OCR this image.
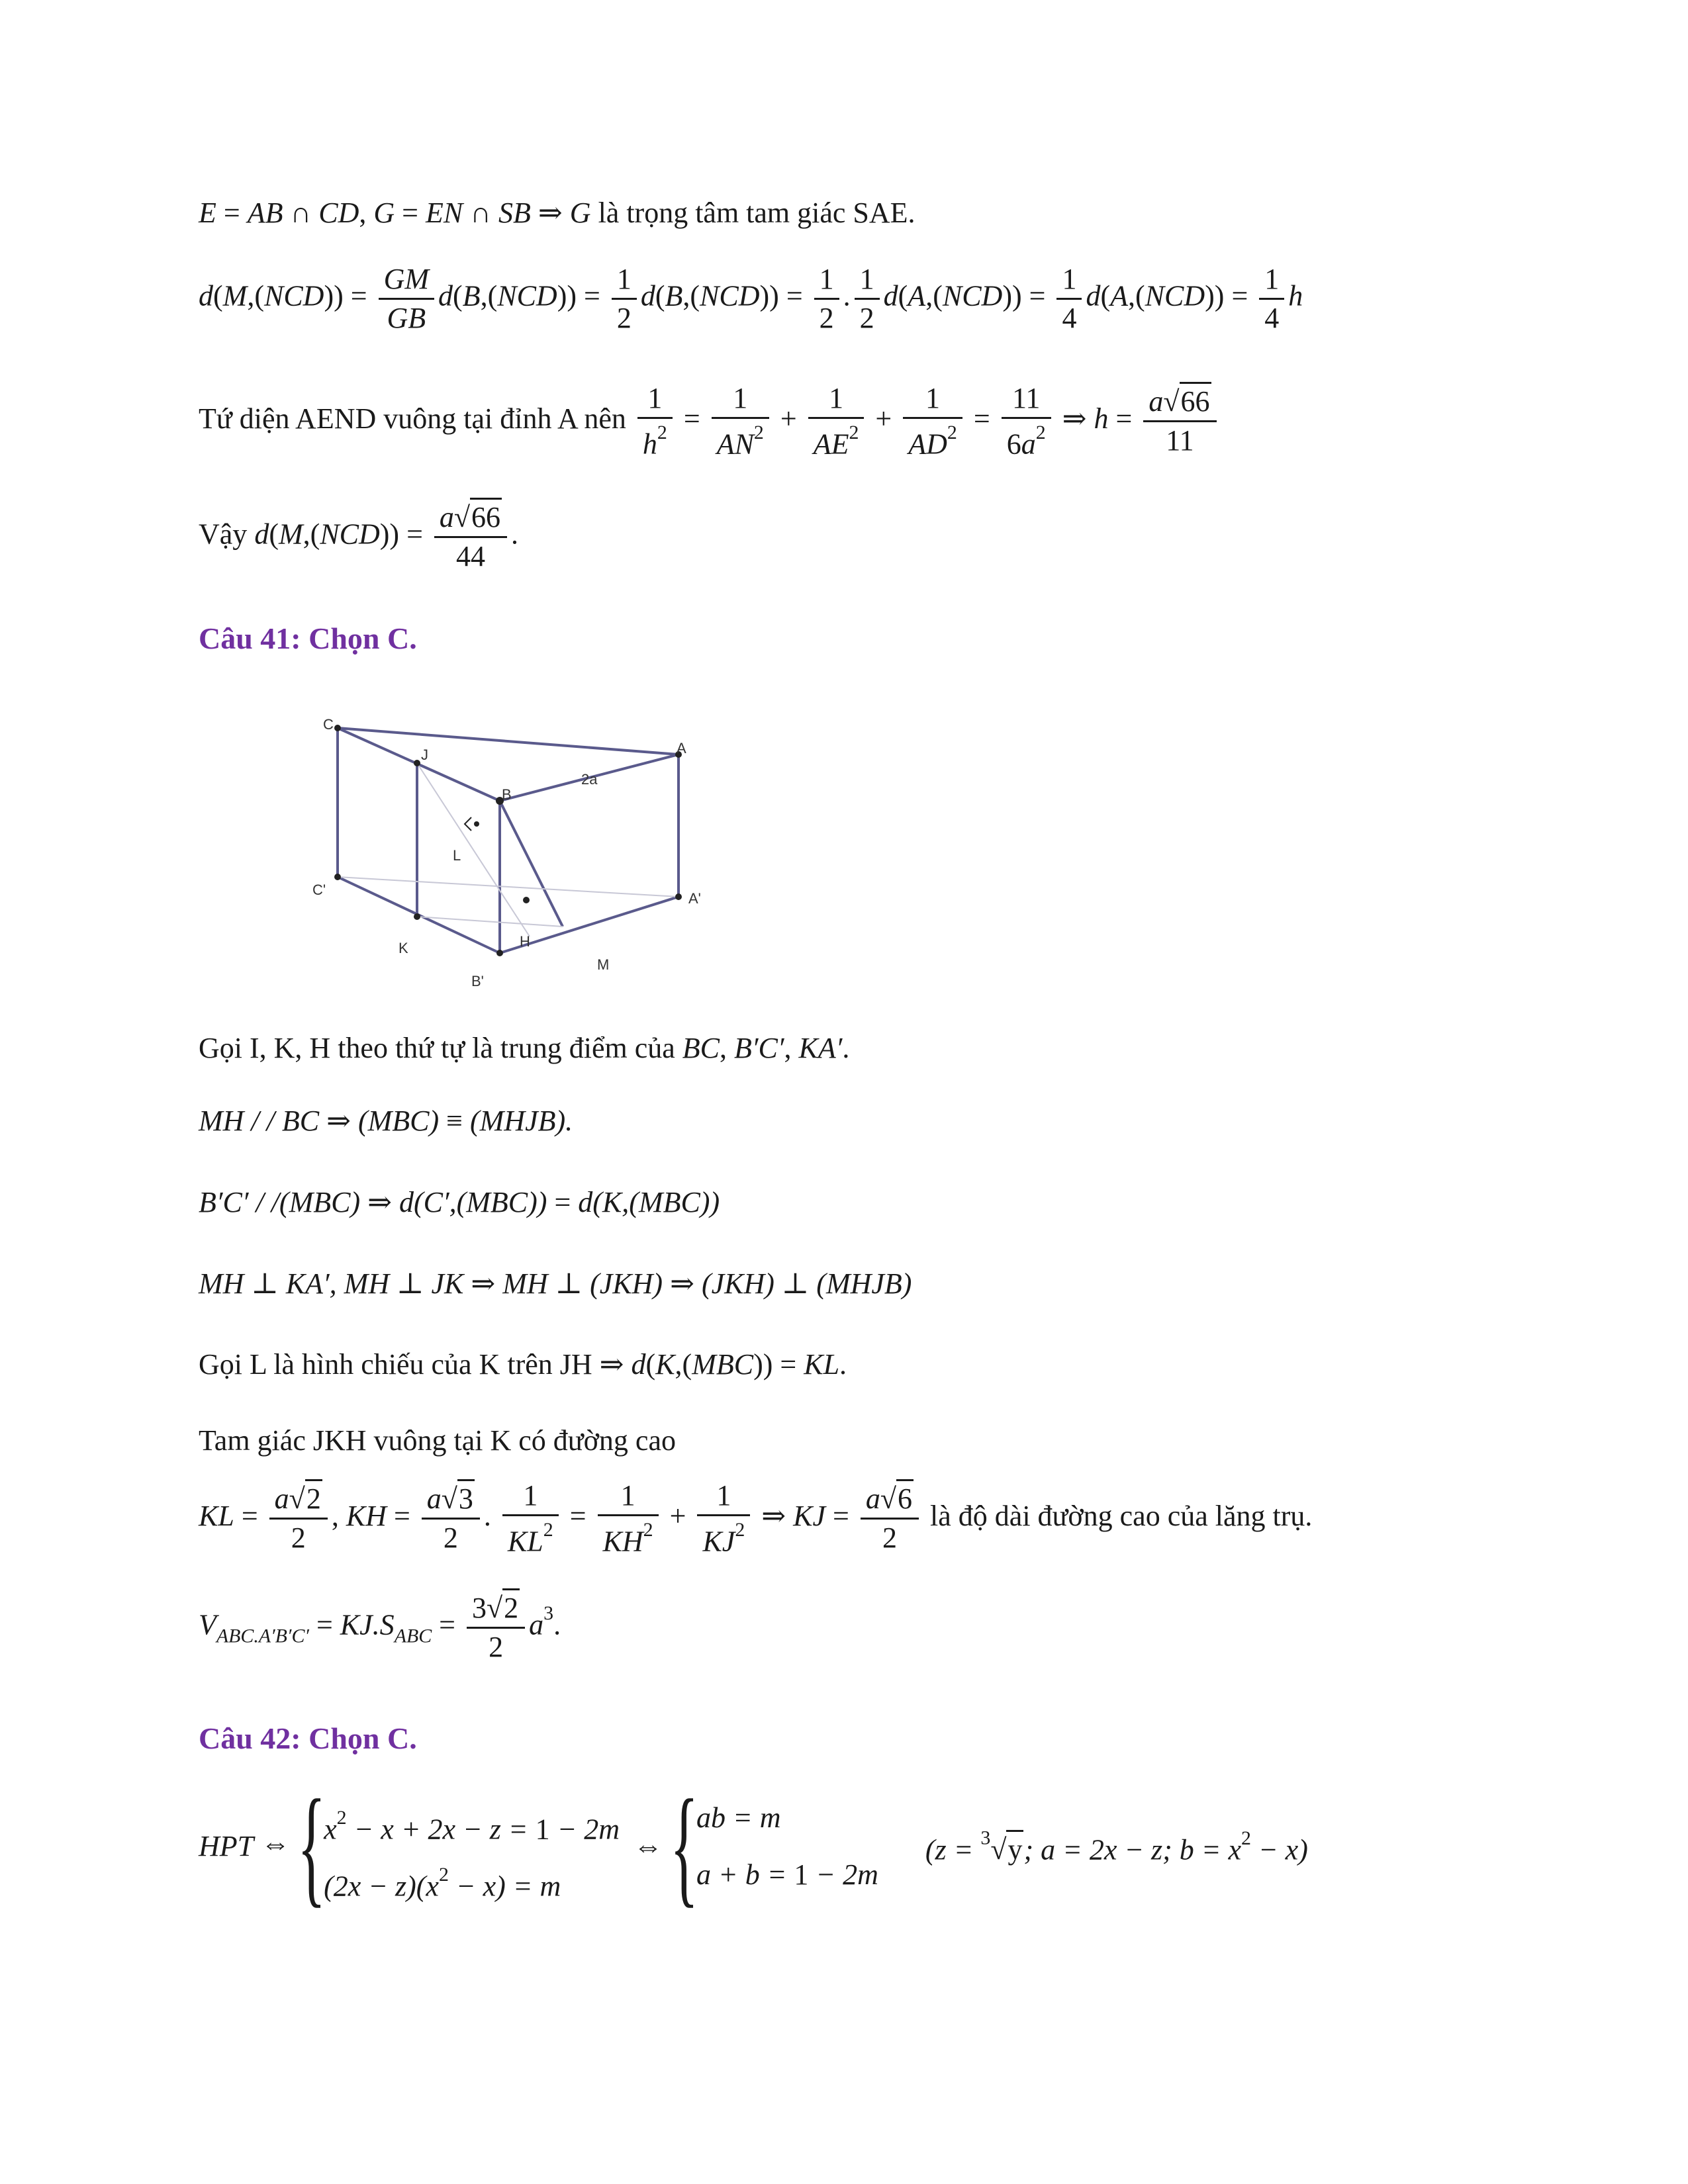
E = AB ∩ CD, G = EN ∩ SB ⇒ G là trọng tâm tam giác SAE.
$d(M,(NCD)) = \frac{GM}{GB} d(B,(NCD)) = \frac{1}{2} d(B,(NCD)) = \frac{1}{2}$ . $\frac{1}{2} d(A,(NCD)) = \frac{1}{4} d(A,(NCD)) = \frac{1}{4}$ h
Tứ diện AEND vuông tại đỉnh A nên $\frac{1}{h^2} = \frac{1}{AN^2} + \frac{1}{AE^2} + \frac{1}{AD^2} = \frac{11}{6a^2}$ ⇒ $h = \frac{a√66}{11}$
Vậy $d(M,(NCD)) = \frac{a√66}{44}$ .
Câu 41: Chọn C.
C
J
B
2a
A
L
C'
A'
K	H
M
B'
Gọi I, K, H theo thứ tự là trung điểm của BC, B′C′, KA′.
MH / / BC ⇒ (MBC) ≡ (MHJB).
B′C′ / /(MBC) ⇒ d(C′,(MBC)) = d(K,(MBC))
MH ⊥ KA′, MH ⊥ JK ⇒ MH ⊥ (JKH) ⇒ (JKH) ⊥ (MHJB)
Gọi L là hình chiếu của K trên JH ⇒ d(K,(MBC)) = KL.
Tam giác JKH vuông tại K có đường cao
KL = $\frac{a√2}{2}$ , KH = $\frac{a√3}{2}$ . $\frac{1}{KL^2} = \frac{1}{KH^2} + \frac{1}{KJ^2}$ ⇒ KJ = $\frac{a√6}{2}$ là độ dài đường cao của lăng trụ.
$V_{ABC.A'B'C'} = KJ.S_{ABC} = \frac{3√2}{2} a^3$.
Câu 42: Chọn C.
HPT ⇔ {
$x^2 - x + 2x - z = 1 - 2m$
$(2x - z)(x^2 - x) = m$
⇔ {
ab = m
a + b = 1 − 2m
(z = $^3$√y; a = 2x − z; $b = x^2 - x$)
